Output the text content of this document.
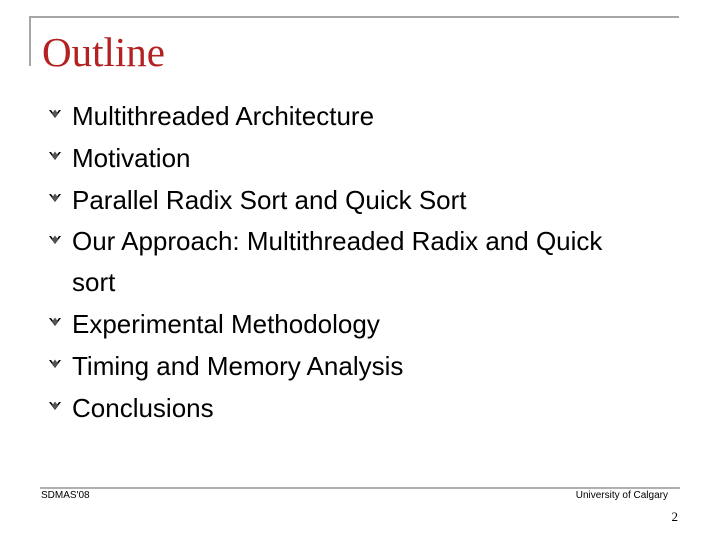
Outline
Multithreaded Architecture
Motivation
Parallel Radix Sort and Quick Sort
Our Approach: Multithreaded Radix and Quick sort
Experimental Methodology
Timing and Memory Analysis
Conclusions
SDMAS'08	University of Calgary
2
